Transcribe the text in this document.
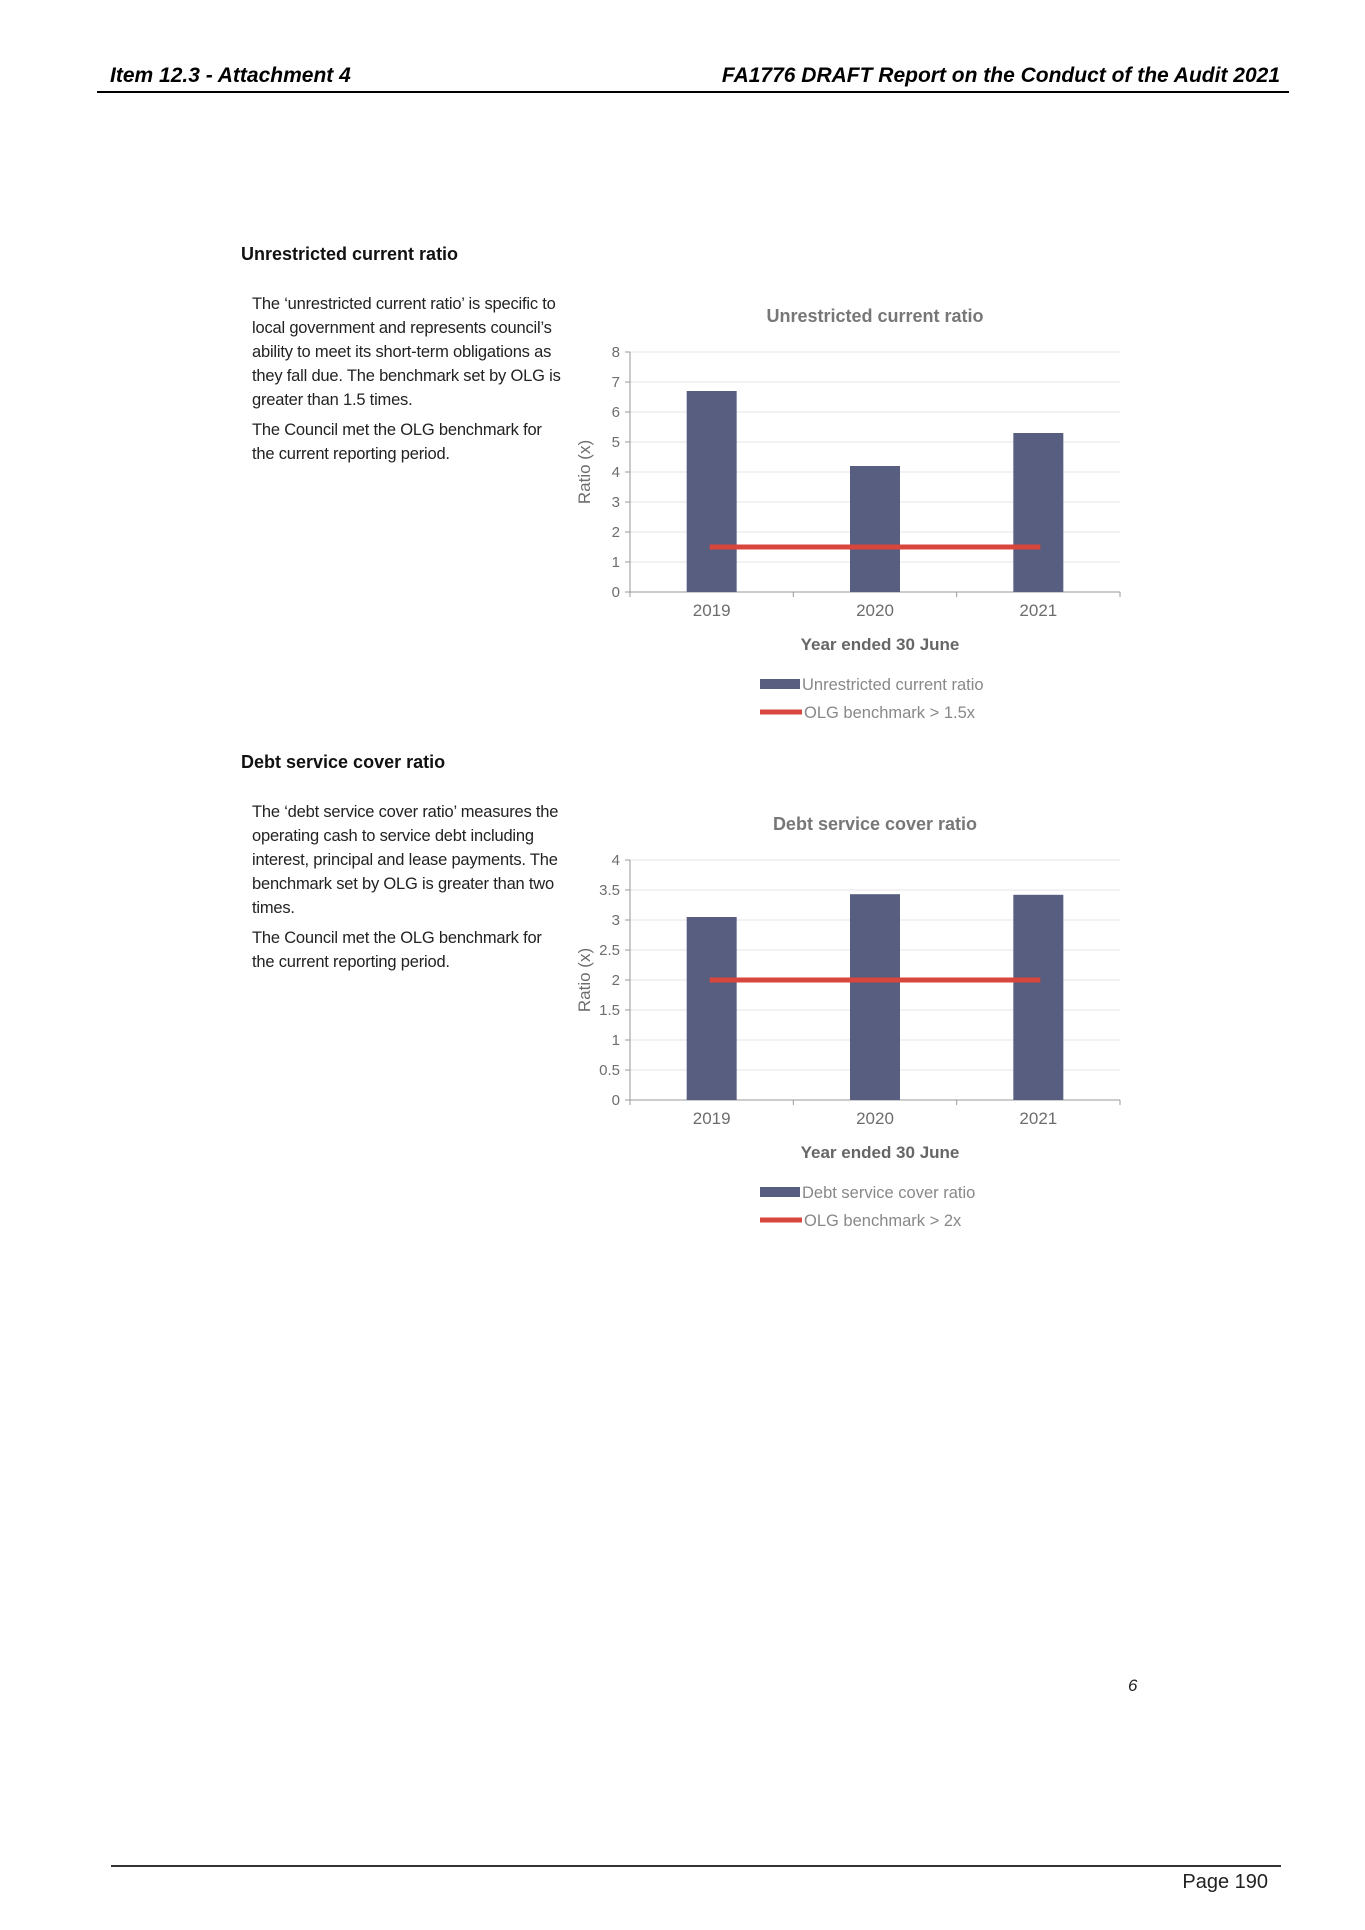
Item 12.3 - Attachment 4	FA1776 DRAFT Report on the Conduct of the Audit 2021
Unrestricted current ratio

The ‘unrestricted current ratio’ is specific to local government and represents council’s ability to meet its short-term obligations as they fall due. The benchmark set by OLG is greater than 1.5 times.

The Council met the OLG benchmark for the current reporting period.

Unrestricted current ratio
0
1
2
3
4
5
6
7
8
Ratio (x)
2019	2020	2021
Year ended 30 June
Unrestricted current ratio
OLG benchmark > 1.5x
Debt service cover ratio

The ‘debt service cover ratio’ measures the operating cash to service debt including interest, principal and lease payments. The benchmark set by OLG is greater than two times.

The Council met the OLG benchmark for the current reporting period.

Debt service cover ratio
0
0.5
1
1.5
2
2.5
3
3.5
4
Ratio (x)
2019	2020	2021
Year ended 30 June
Debt service cover ratio
OLG benchmark > 2x
6
Page 190
